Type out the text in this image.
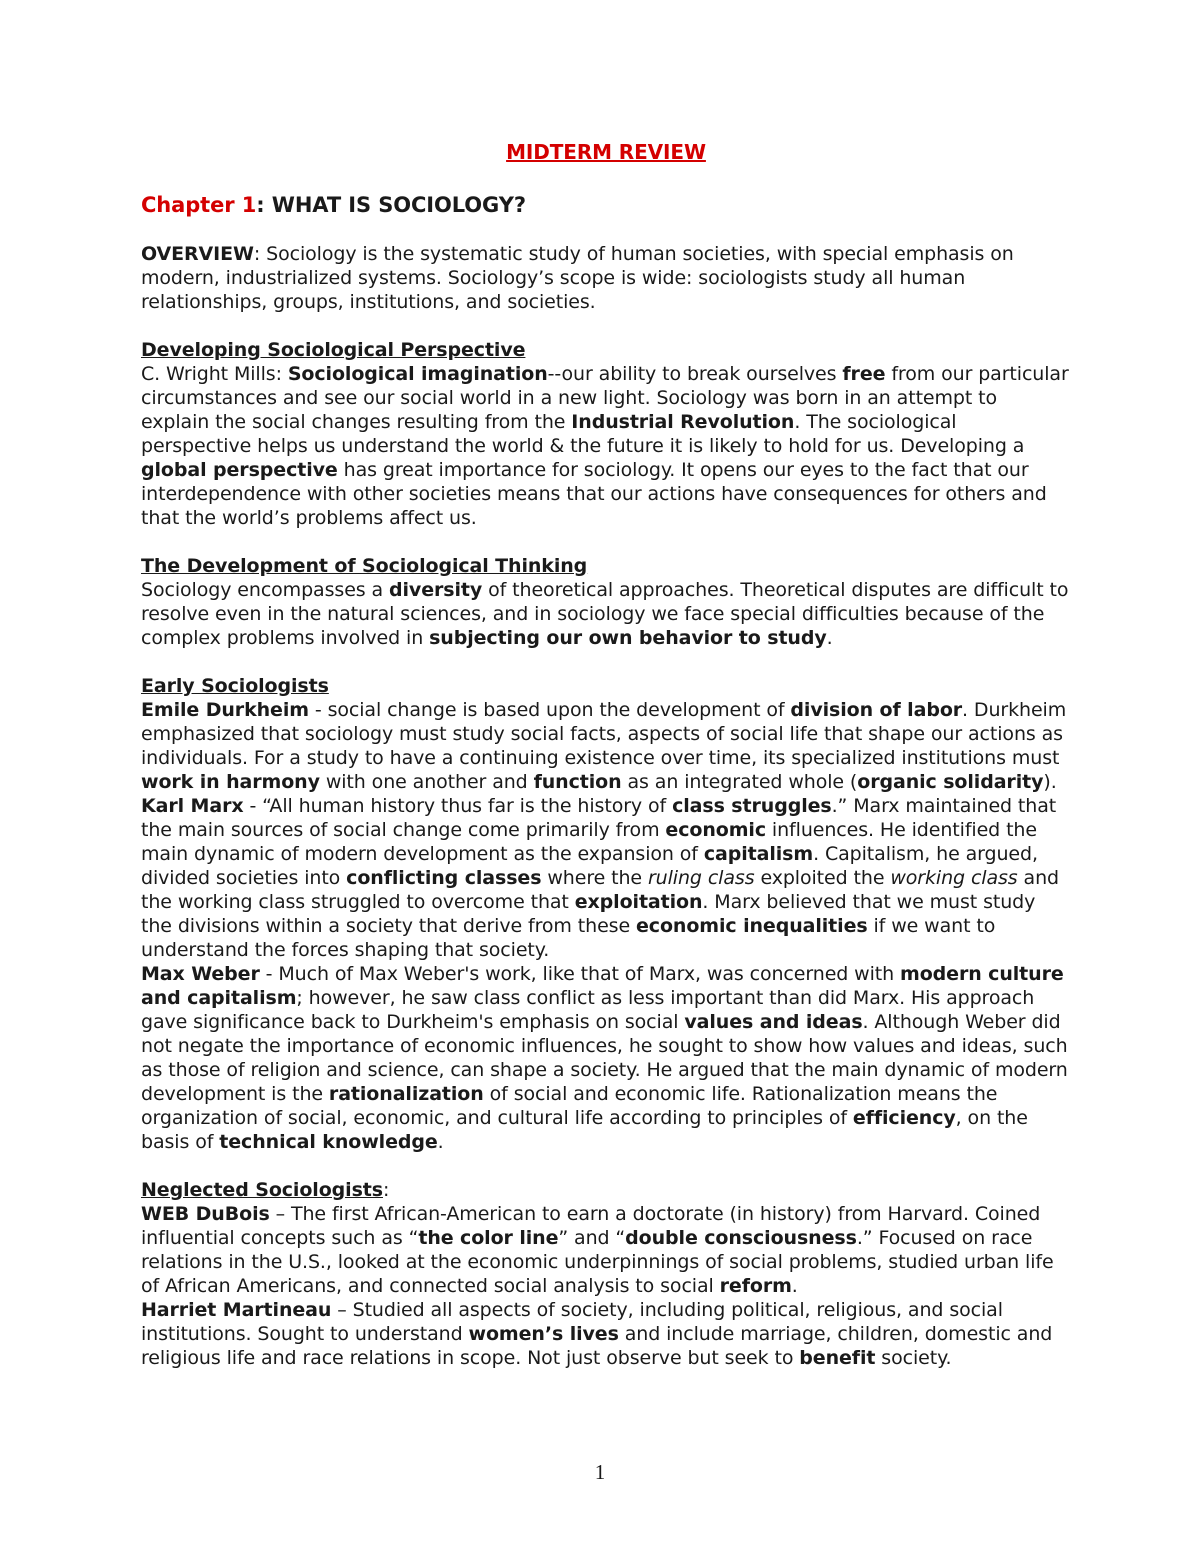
MIDTERM REVIEW

Chapter 1: WHAT IS SOCIOLOGY?

OVERVIEW: Sociology is the systematic study of human societies, with special emphasis on modern, industrialized systems. Sociology’s scope is wide: sociologists study all human relationships, groups, institutions, and societies.

Developing Sociological Perspective

C. Wright Mills: Sociological imagination--our ability to break ourselves free from our particular circumstances and see our social world in a new light. Sociology was born in an attempt to explain the social changes resulting from the Industrial Revolution. The sociological perspective helps us understand the world & the future it is likely to hold for us. Developing a global perspective has great importance for sociology. It opens our eyes to the fact that our interdependence with other societies means that our actions have consequences for others and that the world’s problems affect us.

The Development of Sociological Thinking

Sociology encompasses a diversity of theoretical approaches. Theoretical disputes are difficult to resolve even in the natural sciences, and in sociology we face special difficulties because of the complex problems involved in subjecting our own behavior to study.

Early Sociologists

Emile Durkheim - social change is based upon the development of division of labor. Durkheim emphasized that sociology must study social facts, aspects of social life that shape our actions as individuals. For a study to have a continuing existence over time, its specialized institutions must work in harmony with one another and function as an integrated whole (organic solidarity).

Karl Marx - “All human history thus far is the history of class struggles.” Marx maintained that the main sources of social change come primarily from economic influences. He identified the main dynamic of modern development as the expansion of capitalism. Capitalism, he argued, divided societies into conflicting classes where the ruling class exploited the working class and the working class struggled to overcome that exploitation. Marx believed that we must study the divisions within a society that derive from these economic inequalities if we want to understand the forces shaping that society.

Max Weber - Much of Max Weber's work, like that of Marx, was concerned with modern culture and capitalism; however, he saw class conflict as less important than did Marx. His approach gave significance back to Durkheim's emphasis on social values and ideas. Although Weber did not negate the importance of economic influences, he sought to show how values and ideas, such as those of religion and science, can shape a society. He argued that the main dynamic of modern development is the rationalization of social and economic life. Rationalization means the organization of social, economic, and cultural life according to principles of efficiency, on the basis of technical knowledge.

Neglected Sociologists:

WEB DuBois – The first African-American to earn a doctorate (in history) from Harvard. Coined influential concepts such as “the color line” and “double consciousness.” Focused on race relations in the U.S., looked at the economic underpinnings of social problems, studied urban life of African Americans, and connected social analysis to social reform.

Harriet Martineau – Studied all aspects of society, including political, religious, and social institutions. Sought to understand women’s lives and include marriage, children, domestic and religious life and race relations in scope. Not just observe but seek to benefit society.

1
